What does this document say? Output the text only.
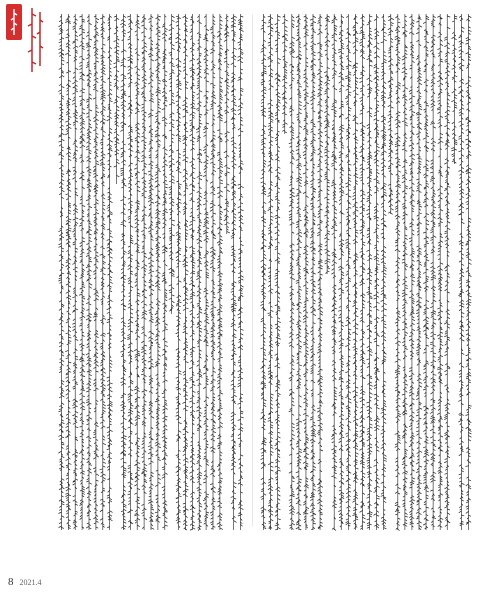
8 2021.4
